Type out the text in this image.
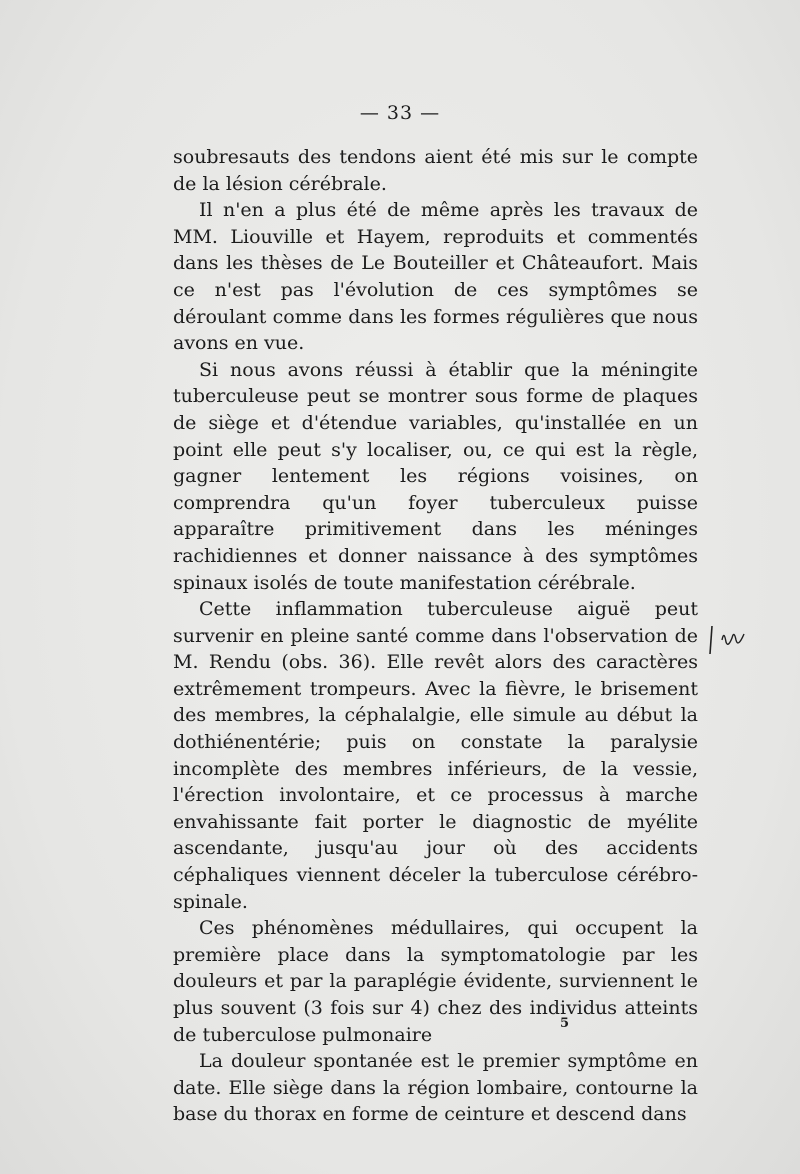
— 33 —

soubresauts des tendons aient été mis sur le compte de la lésion cérébrale.

Il n'en a plus été de même après les travaux de MM. Liouville et Hayem, reproduits et commentés dans les thèses de Le Bouteiller et Châteaufort. Mais ce n'est pas l'évolution de ces symptômes se déroulant comme dans les formes régulières que nous avons en vue.

Si nous avons réussi à établir que la méningite tuberculeuse peut se montrer sous forme de plaques de siège et d'étendue variables, qu'installée en un point elle peut s'y localiser, ou, ce qui est la règle, gagner lentement les régions voisines, on comprendra qu'un foyer tuberculeux puisse apparaître primitivement dans les méninges rachidiennes et donner naissance à des symptômes spinaux isolés de toute manifestation cérébrale.

Cette inflammation tuberculeuse aiguë peut survenir en pleine santé comme dans l'observation de M. Rendu (obs. 36). Elle revêt alors des caractères extrêmement trompeurs. Avec la fièvre, le brisement des membres, la céphalalgie, elle simule au début la dothiénentérie; puis on constate la paralysie incomplète des membres inférieurs, de la vessie, l'érection involontaire, et ce processus à marche envahissante fait porter le diagnostic de myélite ascendante, jusqu'au jour où des accidents céphaliques viennent déceler la tuberculose cérébro-spinale.

Ces phénomènes médullaires, qui occupent la première place dans la symptomatologie par les douleurs et par la paraplégie évidente, surviennent le plus souvent (3 fois sur 4) chez des individus atteints de tuberculose pulmonaire

La douleur spontanée est le premier symptôme en date. Elle siège dans la région lombaire, contourne la base du thorax en forme de ceinture et descend dans

5
